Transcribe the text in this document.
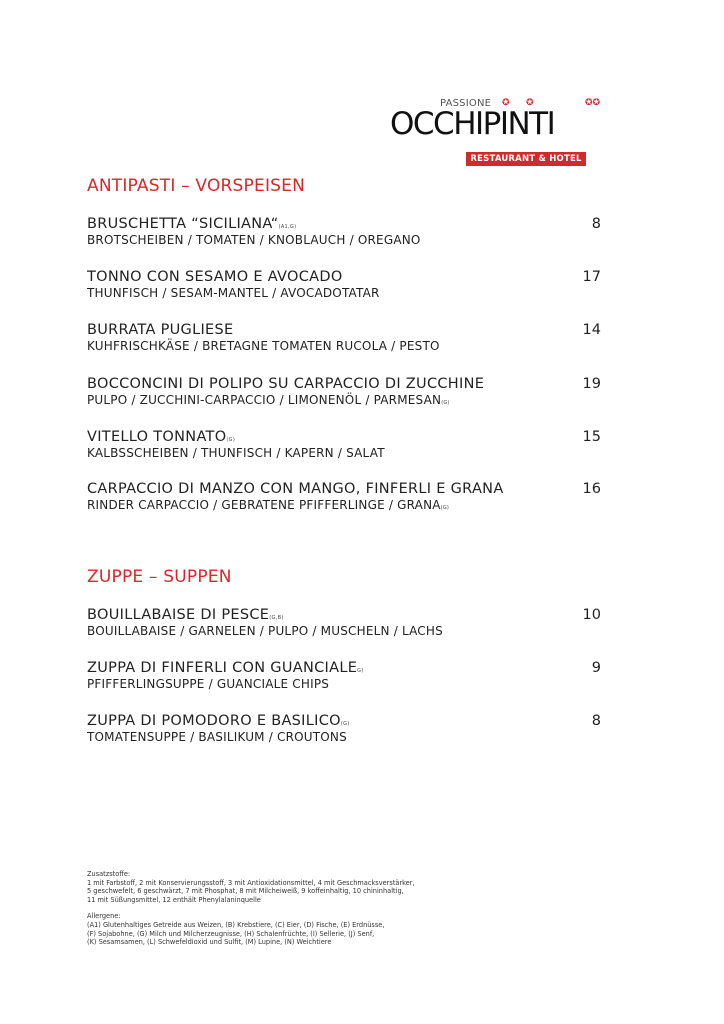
PASSIONE ✪ ✪	✪✪
OCCHIPINTI
RESTAURANT & HOTEL
ANTIPASTI – VORSPEISEN
ZUPPE – SUPPEN
BRUSCHETTA “SICILIANA“(A1,G)
BROTSCHEIBEN / TOMATEN / KNOBLAUCH / OREGANO
8
TONNO CON SESAMO E AVOCADO
THUNFISCH / SESAM-MANTEL / AVOCADOTATAR
17
BURRATA PUGLIESE
KUHFRISCHKÄSE / BRETAGNE TOMATEN RUCOLA / PESTO
14
BOCCONCINI DI POLIPO SU CARPACCIO DI ZUCCHINE
PULPO / ZUCCHINI-CARPACCIO / LIMONENÖL / PARMESAN(G)
19
VITELLO TONNATO(G)
KALBSSCHEIBEN / THUNFISCH / KAPERN / SALAT
15
CARPACCIO DI MANZO CON MANGO, FINFERLI E GRANA
RINDER CARPACCIO / GEBRATENE PFIFFERLINGE / GRANA(G)
16
BOUILLABAISE DI PESCE(G,B)
BOUILLABAISE / GARNELEN / PULPO / MUSCHELN / LACHS
10
ZUPPA DI FINFERLI CON GUANCIALEG)
PFIFFERLINGSUPPE / GUANCIALE CHIPS
9
ZUPPA DI POMODORO E BASILICO(G)
TOMATENSUPPE / BASILIKUM / CROUTONS
8

Zusatzstoffe:
1 mit Farbstoff, 2 mit Konservierungsstoff, 3 mit Antioxidationsmittel, 4 mit Geschmacksverstärker,
5 geschwefelt, 6 geschwärzt, 7 mit Phosphat, 8 mit Milcheiweiß, 9 koffeinhaltig, 10 chininhaltig,
11 mit Süßungsmittel, 12 enthält Phenylalaninquelle

Allergene:
(A1) Glutenhaltiges Getreide aus Weizen, (B) Krebstiere, (C) Eier, (D) Fische, (E) Erdnüsse,
(F) Sojabohne, (G) Milch und Milcherzeugnisse, (H) Schalenfrüchte, (I) Sellerie, (J) Senf,
(K) Sesamsamen, (L) Schwefeldioxid und Sulfit, (M) Lupine, (N) Weichtiere
